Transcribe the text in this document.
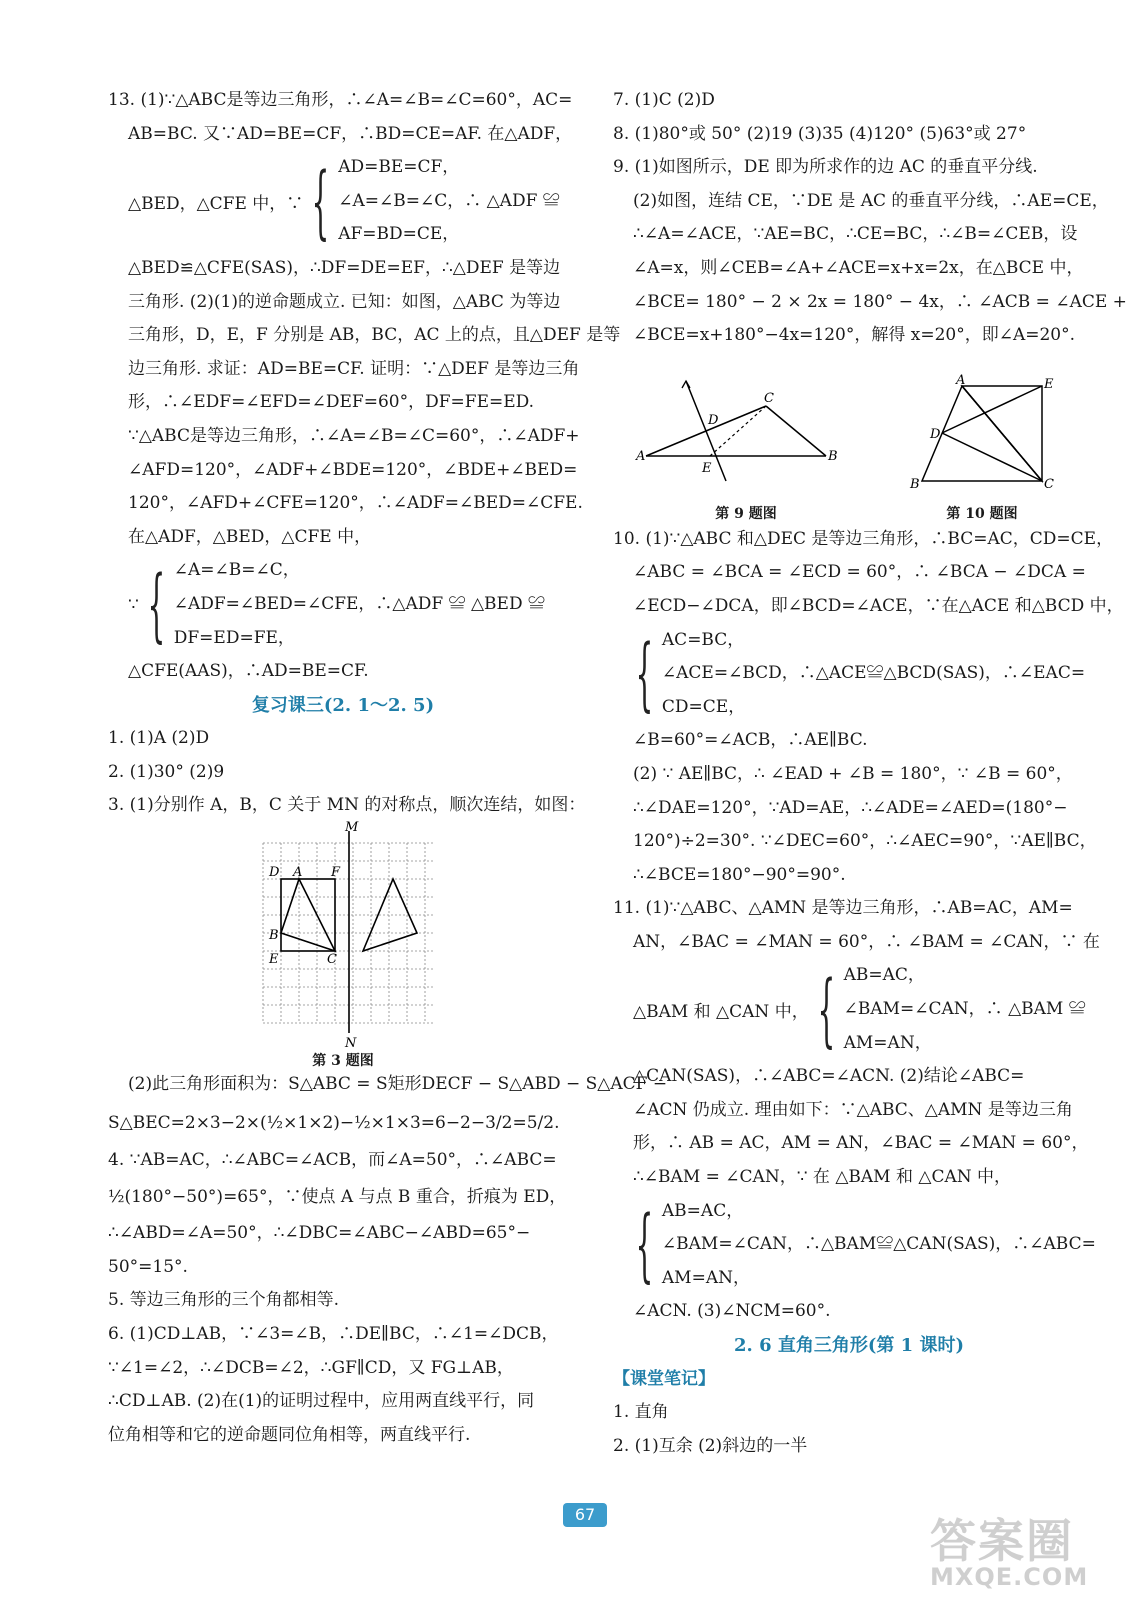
13. (1)∵△ABC是等边三角形，∴∠A=∠B=∠C=60°，AC=
AB=BC. 又∵AD=BE=CF，∴BD=CE=AF. 在△ADF，
△BED，△CFE 中，∵ { AD=BE=CF，
∠A=∠B=∠C，∴ △ADF ≌
AF=BD=CE，
△BED≌△CFE(SAS)，∴DF=DE=EF，∴△DEF 是等边
三角形. (2)(1)的逆命题成立. 已知：如图，△ABC 为等边
三角形，D，E，F 分别是 AB，BC，AC 上的点，且△DEF 是等
边三角形. 求证：AD=BE=CF. 证明：∵△DEF 是等边三角
形，∴∠EDF=∠EFD=∠DEF=60°，DF=FE=ED.
∵△ABC是等边三角形，∴∠A=∠B=∠C=60°，∴∠ADF+
∠AFD=120°，∠ADF+∠BDE=120°，∠BDE+∠BED=
120°，∠AFD+∠CFE=120°，∴∠ADF=∠BED=∠CFE.
在△ADF，△BED，△CFE 中，
∵ { ∠A=∠B=∠C，
∠ADF=∠BED=∠CFE，∴△ADF ≌ △BED ≌
DF=ED=FE，
△CFE(AAS)，∴AD=BE=CF.
复习课三(2. 1～2. 5)
1. (1)A (2)D
2. (1)30° (2)9
3. (1)分别作 A，B，C 关于 MN 的对称点，顺次连结，如图：
M
N
D A F
B
E	C
第 3 题图
(2)此三角形面积为：S△ABC = S矩形DECF − S△ABD − S△ACF −
S△BEC=2×3−2×(½×1×2)−½×1×3=6−2−3/2=5/2.
4. ∵AB=AC，∴∠ABC=∠ACB，而∠A=50°，∴∠ABC=
½(180°−50°)=65°，∵使点 A 与点 B 重合，折痕为 ED，
∴∠ABD=∠A=50°，∴∠DBC=∠ABC−∠ABD=65°−
50°=15°.
5. 等边三角形的三个角都相等.
6. (1)CD⊥AB，∵∠3=∠B，∴DE∥BC，∴∠1=∠DCB，
∵∠1=∠2，∴∠DCB=∠2，∴GF∥CD，又 FG⊥AB，
∴CD⊥AB. (2)在(1)的证明过程中，应用两直线平行，同
位角相等和它的逆命题同位角相等，两直线平行.
7. (1)C (2)D
8. (1)80°或 50° (2)19 (3)35 (4)120° (5)63°或 27°
9. (1)如图所示，DE 即为所求作的边 AC 的垂直平分线.
(2)如图，连结 CE，∵DE 是 AC 的垂直平分线，∴AE=CE，
∴∠A=∠ACE，∵AE=BC，∴CE=BC，∴∠B=∠CEB，设
∠A=x，则∠CEB=∠A+∠ACE=x+x=2x，在△BCE 中，
∠BCE= 180° − 2 × 2x = 180° − 4x，∴ ∠ACB = ∠ACE +
∠BCE=x+180°−4x=120°，解得 x=20°，即∠A=20°.
A	B
C
D
E
第 9 题图
A	E
D
B	C
第 10 题图
10. (1)∵△ABC 和△DEC 是等边三角形，∴BC=AC，CD=CE，
∠ABC = ∠BCA = ∠ECD = 60°，∴ ∠BCA − ∠DCA =
∠ECD−∠DCA，即∠BCD=∠ACE，∵在△ACE 和△BCD 中，
{ AC=BC，
∠ACE=∠BCD，∴△ACE≌△BCD(SAS)，∴∠EAC=
CD=CE，
∠B=60°=∠ACB，∴AE∥BC.
(2) ∵ AE∥BC，∴ ∠EAD + ∠B = 180°，∵ ∠B = 60°，
∴∠DAE=120°，∵AD=AE，∴∠ADE=∠AED=(180°−
120°)÷2=30°. ∵∠DEC=60°，∴∠AEC=90°，∵AE∥BC，
∴∠BCE=180°−90°=90°.
11. (1)∵△ABC、△AMN 是等边三角形，∴AB=AC，AM=
AN，∠BAC = ∠MAN = 60°，∴ ∠BAM = ∠CAN，∵ 在
△BAM 和 △CAN 中， { AB=AC，
∠BAM=∠CAN，∴ △BAM ≌
AM=AN，
△CAN(SAS)，∴∠ABC=∠ACN. (2)结论∠ABC=
∠ACN 仍成立. 理由如下：∵△ABC、△AMN 是等边三角
形，∴ AB = AC，AM = AN，∠BAC = ∠MAN = 60°，
∴∠BAM = ∠CAN，∵ 在 △BAM 和 △CAN 中，
{ AB=AC，
∠BAM=∠CAN，∴△BAM≌△CAN(SAS)，∴∠ABC=
AM=AN，
∠ACN. (3)∠NCM=60°.
2. 6 直角三角形(第 1 课时)
【课堂笔记】
1. 直角
2. (1)互余 (2)斜边的一半
67	答案圈
MXQE.COM
